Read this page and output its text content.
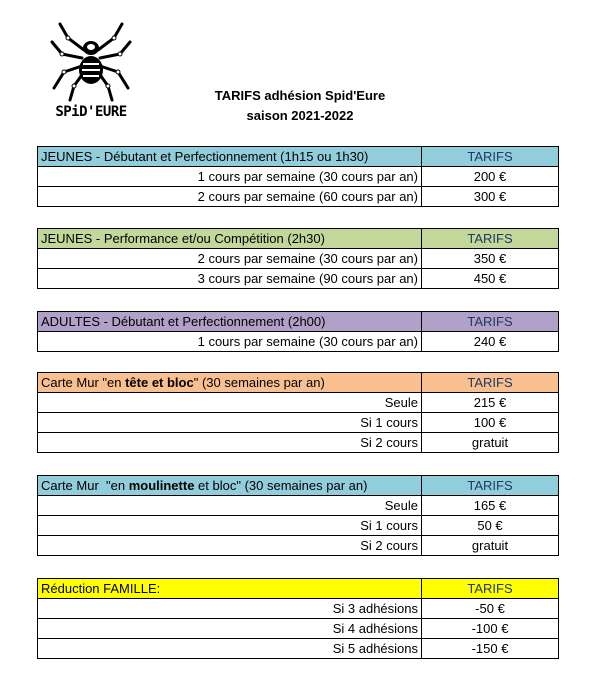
SPiD'EURE
TARIFS adhésion Spid'Eure
saison 2021-2022
JEUNES - Débutant et Perfectionnement (1h15 ou 1h30)	TARIFS
1 cours par semaine (30 cours par an)	200 €
2 cours par semaine (60 cours par an)	300 €
JEUNES - Performance et/ou Compétition (2h30)	TARIFS
2 cours par semaine (30 cours par an)	350 €
3 cours par semaine (90 cours par an)	450 €
ADULTES - Débutant et Perfectionnement (2h00)	TARIFS
1 cours par semaine (30 cours par an)	240 €
Carte Mur "en tête et bloc" (30 semaines par an)	TARIFS
Seule	215 €
Si 1 cours	100 €
Si 2 cours	gratuit
Carte Mur  "en moulinette et bloc" (30 semaines par an)	TARIFS
Seule	165 €
Si 1 cours	50 €
Si 2 cours	gratuit
Réduction FAMILLE:	TARIFS
Si 3 adhésions	-50 €
Si 4 adhésions	-100 €
Si 5 adhésions	-150 €
